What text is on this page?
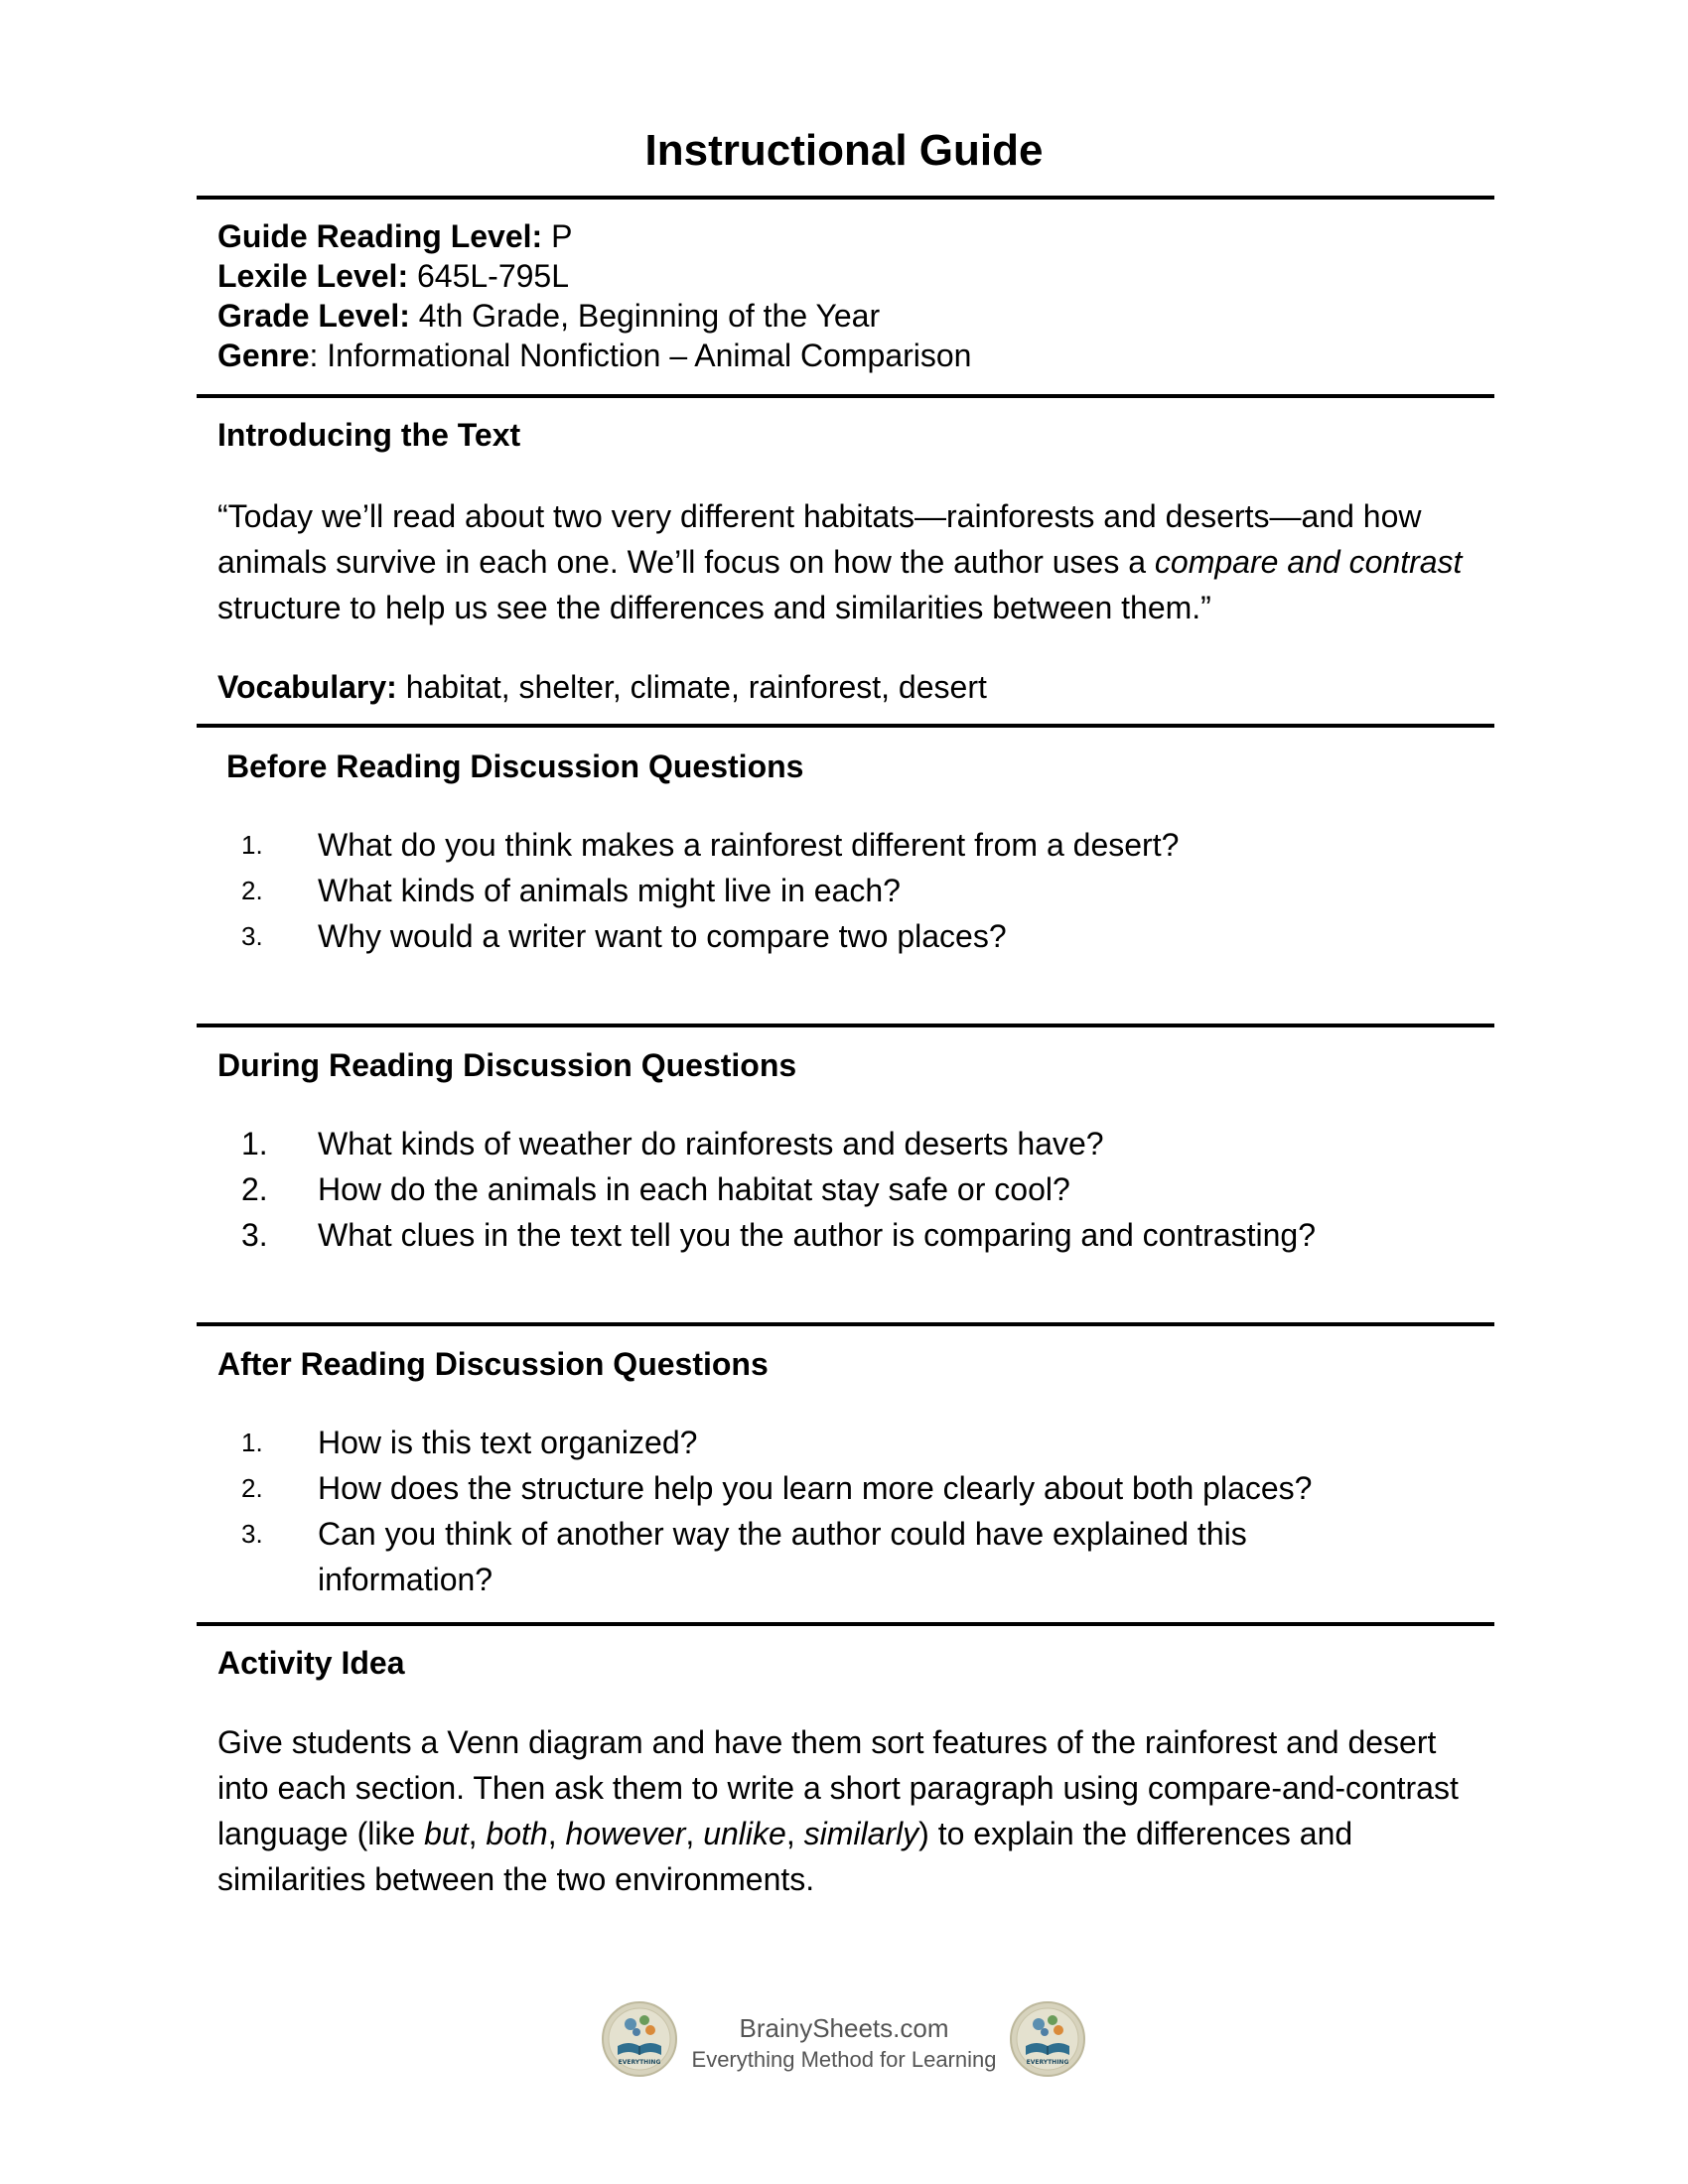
Instructional Guide
Guide Reading Level: P
Lexile Level: 645L-795L
Grade Level: 4th Grade, Beginning of the Year
Genre: Informational Nonfiction – Animal Comparison
Introducing the Text
“Today we’ll read about two very different habitats—rainforests and deserts—and how animals survive in each one. We’ll focus on how the author uses a compare and contrast structure to help us see the differences and similarities between them.”
Vocabulary: habitat, shelter, climate, rainforest, desert
Before Reading Discussion Questions
1. What do you think makes a rainforest different from a desert?
2. What kinds of animals might live in each?
3. Why would a writer want to compare two places?
During Reading Discussion Questions
1. What kinds of weather do rainforests and deserts have?
2. How do the animals in each habitat stay safe or cool?
3. What clues in the text tell you the author is comparing and contrasting?
After Reading Discussion Questions
1. How is this text organized?
2. How does the structure help you learn more clearly about both places?
3. Can you think of another way the author could have explained this information?
Activity Idea
Give students a Venn diagram and have them sort features of the rainforest and desert into each section. Then ask them to write a short paragraph using compare-and-contrast language (like but, both, however, unlike, similarly) to explain the differences and similarities between the two environments.
EVERYTHING
BrainySheets.com
Everything Method for Learning	EVERYTHING
